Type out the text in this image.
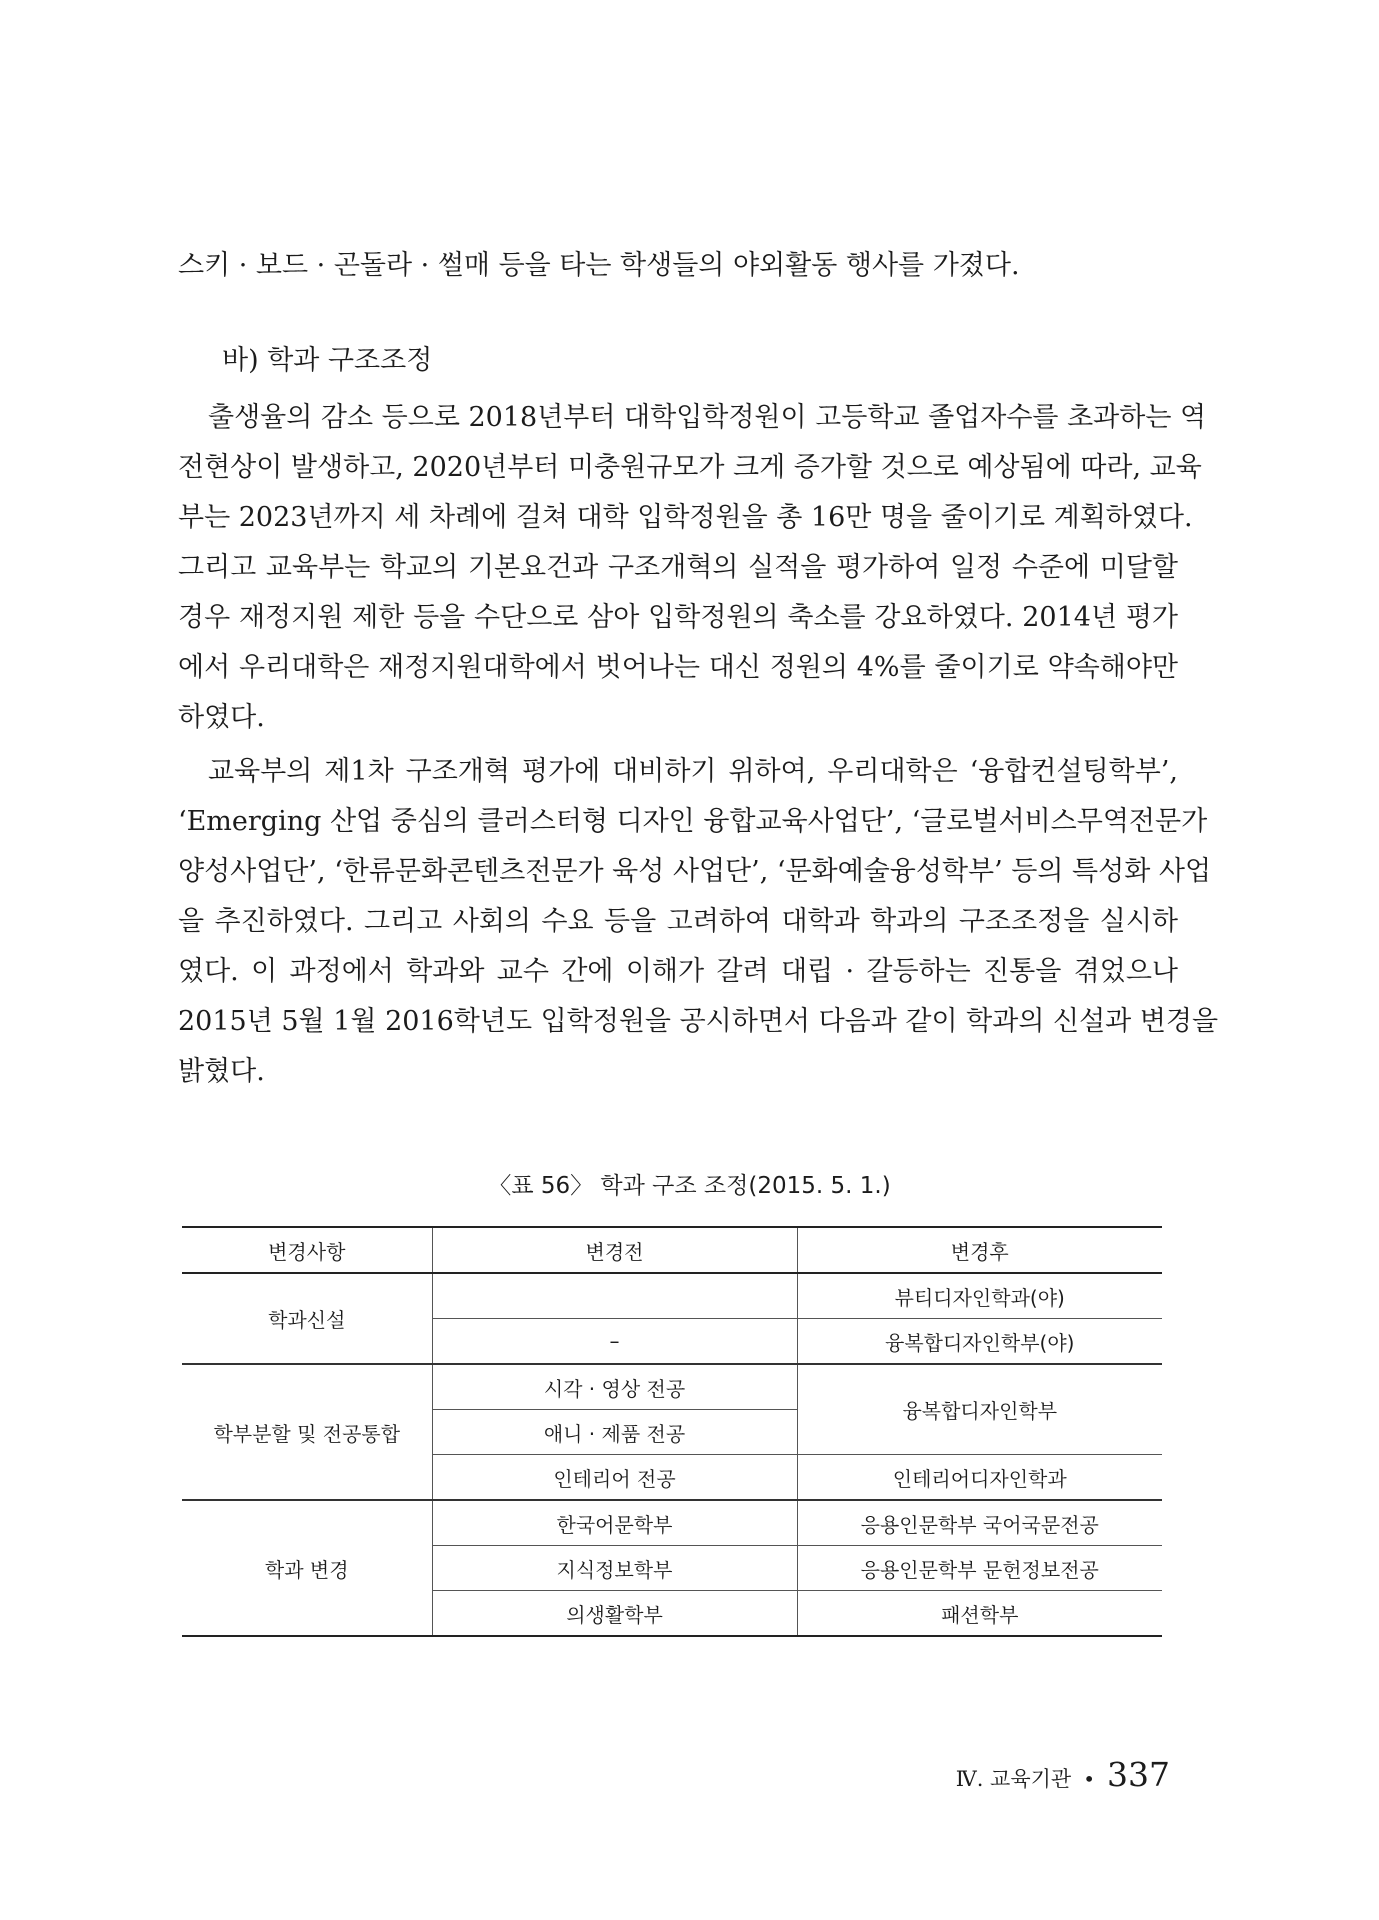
스키 · 보드 · 곤돌라 · 썰매 등을 타는 학생들의 야외활동 행사를 가졌다.
바) 학과 구조조정
출생율의 감소 등으로 2018년부터 대학입학정원이 고등학교 졸업자수를 초과하는 역
전현상이 발생하고, 2020년부터 미충원규모가 크게 증가할 것으로 예상됨에 따라, 교육
부는 2023년까지 세 차례에 걸쳐 대학 입학정원을 총 16만 명을 줄이기로 계획하였다.
그리고 교육부는 학교의 기본요건과 구조개혁의 실적을 평가하여 일정 수준에 미달할
경우 재정지원 제한 등을 수단으로 삼아 입학정원의 축소를 강요하였다. 2014년 평가
에서 우리대학은 재정지원대학에서 벗어나는 대신 정원의 4%를 줄이기로 약속해야만
하였다.
교육부의 제1차 구조개혁 평가에 대비하기 위하여, 우리대학은 ‘융합컨설팅학부’,
‘Emerging 산업 중심의 클러스터형 디자인 융합교육사업단’, ‘글로벌서비스무역전문가
양성사업단’, ‘한류문화콘텐츠전문가 육성 사업단’, ‘문화예술융성학부’ 등의 특성화 사업
을 추진하였다. 그리고 사회의 수요 등을 고려하여 대학과 학과의 구조조정을 실시하
였다. 이 과정에서 학과와 교수 간에 이해가 갈려 대립 · 갈등하는 진통을 겪었으나
2015년 5월 1월 2016학년도 입학정원을 공시하면서 다음과 같이 학과의 신설과 변경을
밝혔다.
〈표 56〉 학과 구조 조정(2015. 5. 1.)
변경사항	변경전	변경후
학과신설		뷰티디자인학과(야)
	–	융복합디자인학부(야)
학부분할 및 전공통합	시각 · 영상 전공	융복합디자인학부
	애니 · 제품 전공	
	인테리어 전공	인테리어디자인학과
학과 변경	한국어문학부	응용인문학부 국어국문전공
	지식정보학부	응용인문학부 문헌정보전공
	의생활학부	패션학부
Ⅳ. 교육기관 • 337
